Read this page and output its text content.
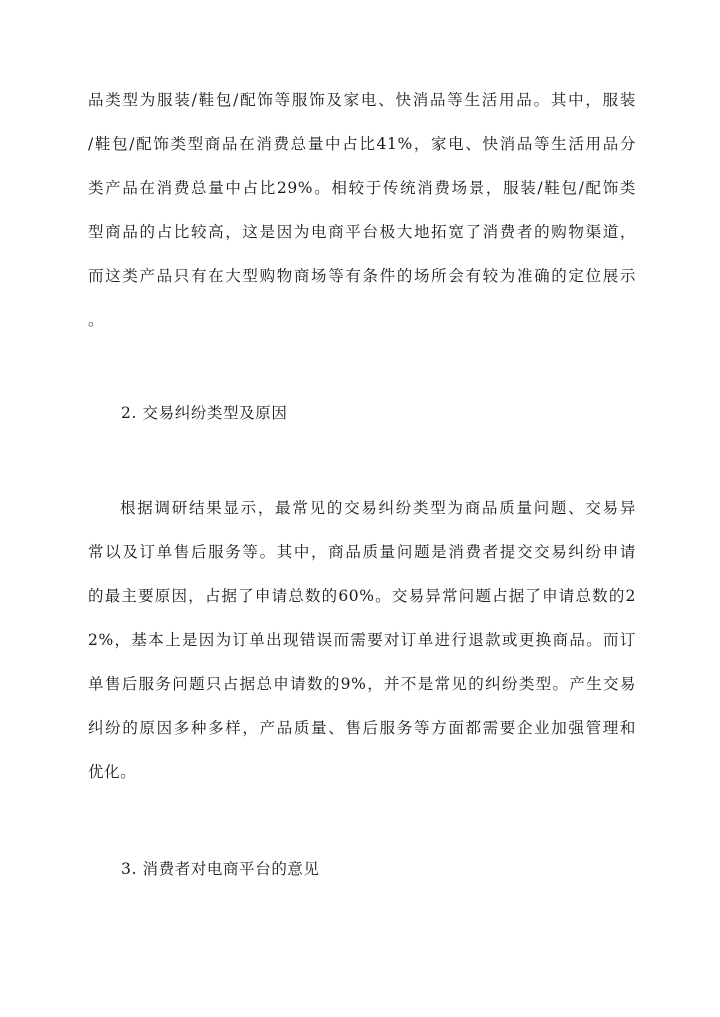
品类型为服装/鞋包/配饰等服饰及家电、快消品等生活用品。其中，服装
/鞋包/配饰类型商品在消费总量中占比41%，家电、快消品等生活用品分
类产品在消费总量中占比29%。相较于传统消费场景，服装/鞋包/配饰类
型商品的占比较高，这是因为电商平台极大地拓宽了消费者的购物渠道，
而这类产品只有在大型购物商场等有条件的场所会有较为准确的定位展示
。
2. 交易纠纷类型及原因
根据调研结果显示，最常见的交易纠纷类型为商品质量问题、交易异
常以及订单售后服务等。其中，商品质量问题是消费者提交交易纠纷申请
的最主要原因，占据了申请总数的60%。交易异常问题占据了申请总数的2
2%，基本上是因为订单出现错误而需要对订单进行退款或更换商品。而订
单售后服务问题只占据总申请数的9%，并不是常见的纠纷类型。产生交易
纠纷的原因多种多样，产品质量、售后服务等方面都需要企业加强管理和
优化。
3. 消费者对电商平台的意见
